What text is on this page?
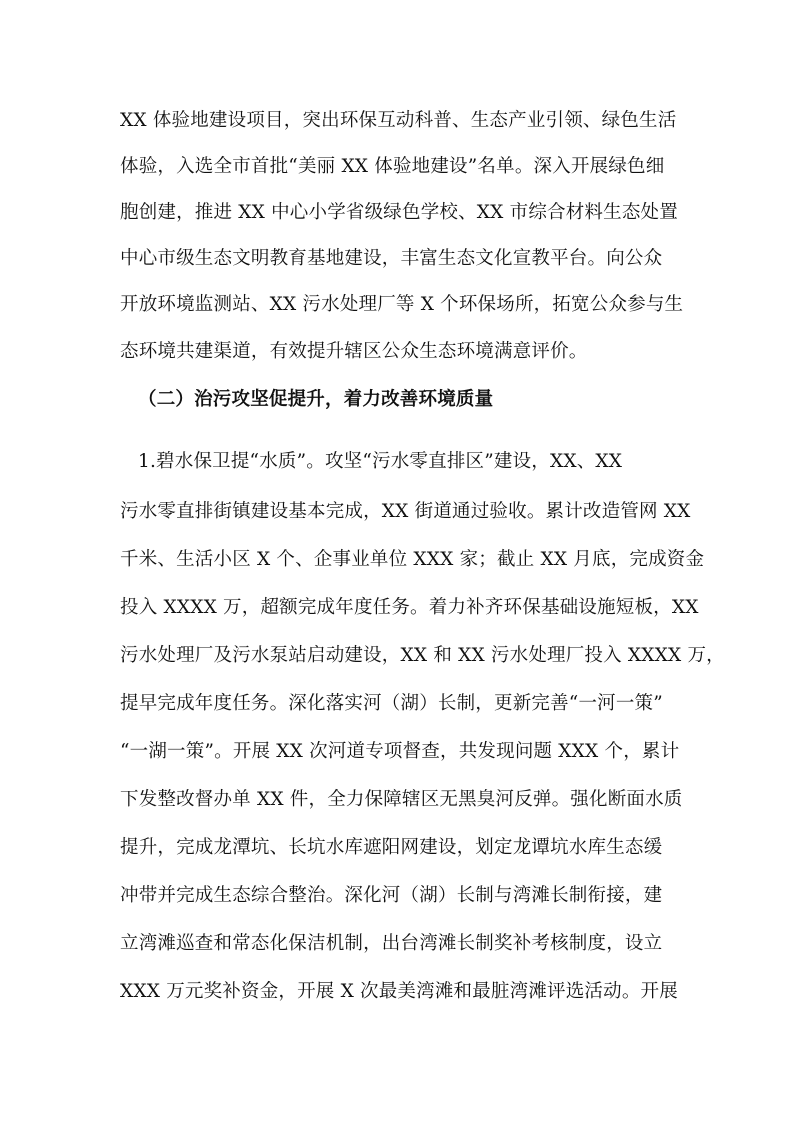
XX 体验地建设项目，突出环保互动科普、生态产业引领、绿色生活
体验，入选全市首批“美丽 XX 体验地建设”名单。深入开展绿色细
胞创建，推进 XX 中心小学省级绿色学校、XX 市综合材料生态处置
中心市级生态文明教育基地建设，丰富生态文化宣教平台。向公众
开放环境监测站、XX 污水处理厂等 X 个环保场所，拓宽公众参与生
态环境共建渠道，有效提升辖区公众生态环境满意评价。
（二）治污攻坚促提升，着力改善环境质量
1.碧水保卫提“水质”。攻坚“污水零直排区”建设，XX、XX
污水零直排街镇建设基本完成，XX 街道通过验收。累计改造管网 XX
千米、生活小区 X 个、企事业单位 XXX 家；截止 XX 月底，完成资金
投入 XXXX 万，超额完成年度任务。着力补齐环保基础设施短板，XX
污水处理厂及污水泵站启动建设，XX 和 XX 污水处理厂投入 XXXX 万，
提早完成年度任务。深化落实河（湖）长制，更新完善“一河一策”
“一湖一策”。开展 XX 次河道专项督查，共发现问题 XXX 个，累计
下发整改督办单 XX 件，全力保障辖区无黑臭河反弹。强化断面水质
提升，完成龙潭坑、长坑水库遮阳网建设，划定龙谭坑水库生态缓
冲带并完成生态综合整治。深化河（湖）长制与湾滩长制衔接，建
立湾滩巡查和常态化保洁机制，出台湾滩长制奖补考核制度，设立
XXX 万元奖补资金，开展 X 次最美湾滩和最脏湾滩评选活动。开展
